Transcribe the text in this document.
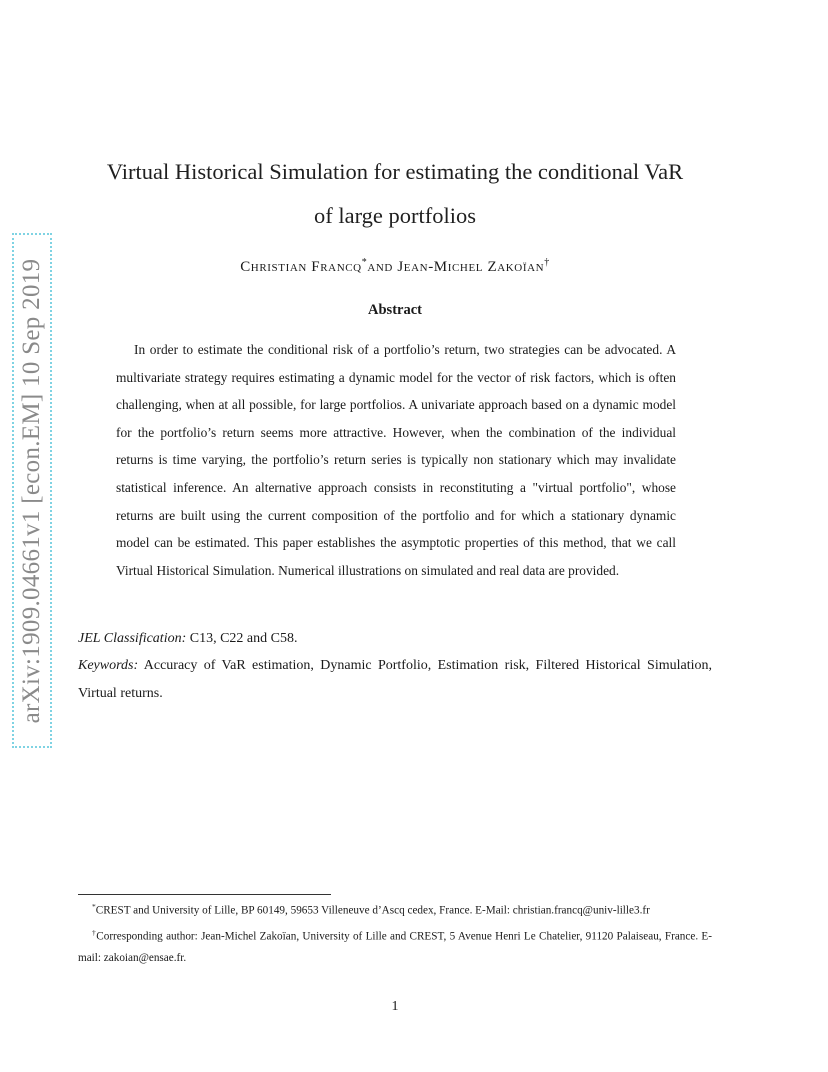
arXiv:1909.04661v1 [econ.EM] 10 Sep 2019
Virtual Historical Simulation for estimating the conditional VaR
of large portfolios
Christian Francq*and Jean-Michel Zakoïan†
Abstract
In order to estimate the conditional risk of a portfolio’s return, two strategies can be advocated. A multivariate strategy requires estimating a dynamic model for the vector of risk factors, which is often challenging, when at all possible, for large portfolios. A univariate approach based on a dynamic model for the portfolio’s return seems more attractive. However, when the combination of the individual returns is time varying, the portfolio’s return series is typically non stationary which may invalidate statistical inference. An alternative approach consists in reconstituting a "virtual portfolio", whose returns are built using the current composition of the portfolio and for which a stationary dynamic model can be estimated. This paper establishes the asymptotic properties of this method, that we call Virtual Historical Simulation. Numerical illustrations on simulated and real data are provided.
JEL Classification: C13, C22 and C58.
Keywords: Accuracy of VaR estimation, Dynamic Portfolio, Estimation risk, Filtered Historical Simulation, Virtual returns.

*CREST and University of Lille, BP 60149, 59653 Villeneuve d’Ascq cedex, France. E-Mail: christian.francq@univ-lille3.fr

†Corresponding author: Jean-Michel Zakoïan, University of Lille and CREST, 5 Avenue Henri Le Chatelier, 91120 Palaiseau, France. E-mail: zakoian@ensae.fr.

1
